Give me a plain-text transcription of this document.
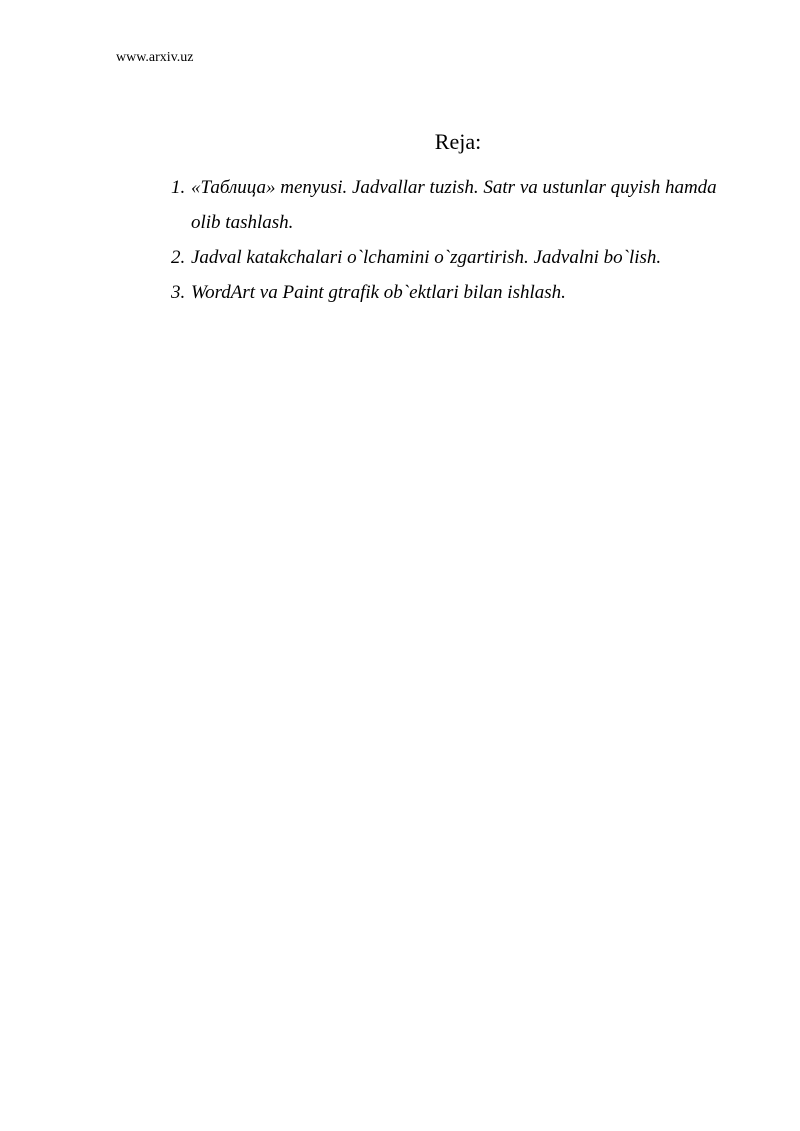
www.arxiv.uz
Reja:
1. «Таблица» menyusi. Jadvallar tuzish. Satr va ustunlar quyish hamda olib tashlash.
2. Jadval katakchalari o`lchamini o`zgartirish. Jadvalni bo`lish.
3. WordArt va Paint gtrafik ob`ektlari bilan ishlash.
